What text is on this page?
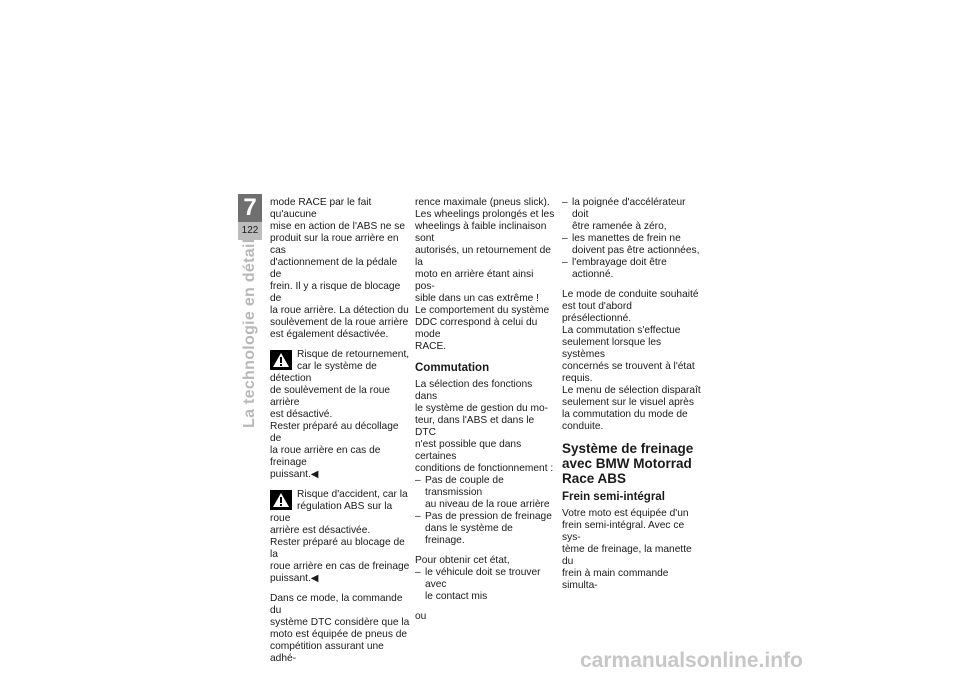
7
122
La technologie en détail

mode RACE par le fait qu'aucune

mise en action de l'ABS ne se

produit sur la roue arrière en cas

d'actionnement de la pédale de

frein. Il y a risque de blocage de

la roue arrière. La détection du

soulèvement de la roue arrière

est également désactivée.

Risque de retournement,

car le système de détection

de soulèvement de la roue arrière

est désactivé.

Rester préparé au décollage de

la roue arrière en cas de freinage

puissant.◀

Risque d'accident, car la

régulation ABS sur la roue

arrière est désactivée.

Rester préparé au blocage de la

roue arrière en cas de freinage

puissant.◀

Dans ce mode, la commande du

système DTC considère que la

moto est équipée de pneus de

compétition assurant une adhé-

rence maximale (pneus slick).

Les wheelings prolongés et les

wheelings à faible inclinaison sont

autorisés, un retournement de la

moto en arrière étant ainsi pos-

sible dans un cas extrême !

Le comportement du système

DDC correspond à celui du mode

RACE.

Commutation

La sélection des fonctions dans

le système de gestion du mo-

teur, dans l'ABS et dans le DTC

n'est possible que dans certaines

conditions de fonctionnement :

– Pas de couple de transmission

au niveau de la roue arrière

– Pas de pression de freinage

dans le système de freinage.

Pour obtenir cet état,

– le véhicule doit se trouver avec

le contact mis

ou

– la poignée d'accélérateur doit

être ramenée à zéro,

– les manettes de frein ne

doivent pas être actionnées,

– l'embrayage doit être actionné.

Le mode de conduite souhaité

est tout d'abord présélectionné.

La commutation s'effectue

seulement lorsque les systèmes

concernés se trouvent à l'état

requis.

Le menu de sélection disparaît

seulement sur le visuel après

la commutation du mode de

conduite.

Système de freinage

avec BMW Motorrad

Race ABS

Frein semi-intégral

Votre moto est équipée d'un

frein semi-intégral. Avec ce sys-

tème de freinage, la manette du

frein à main commande simulta-

carmanualsonline.info
